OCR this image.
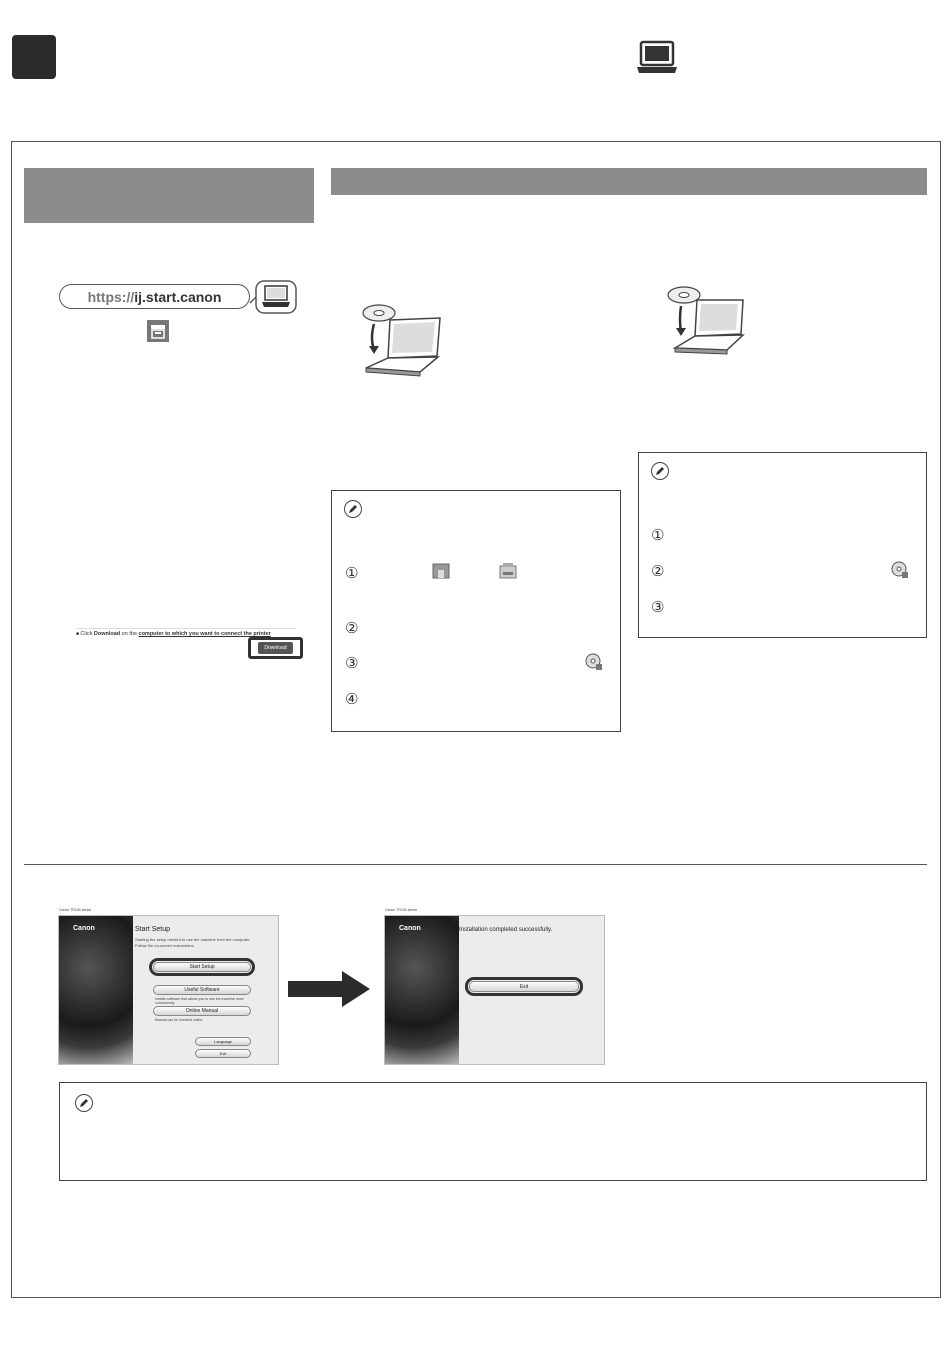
https:// ij.start.canon
■ Click Download on the computer to which you want to connect the printer
Download
①
②
③
④
①
②
③
Canon TR150 series
Canon	Start Setup
Starting the setup needed to use the machine from the computer.
Follow the on-screen instructions.
Start Setup
Useful Software
Installs software that allows you to use the machine more conveniently.
Online Manual
Manual can be checked online.
Language
Exit
Canon TR150 series
Canon	Installation completed successfully.
Exit
